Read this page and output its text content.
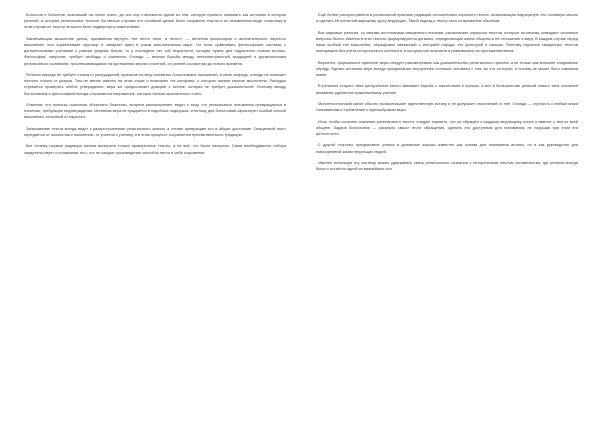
Богослов и богослов, возникший на полях книги, до сих пор становится одной из тем, которую принято понимать как источник в истории религий, и истории религиозных текстов. Во многих случаях его основной целью было сохранить тексты в их неизменном виде, поскольку в этом случае их тексты не могли быть подвергнуты изменениям.

Заключающая мышление догма, призванная вернуть «не нечто иное, а нечто», — антитеза философии и аналитического научного мышления: она ограничивает кругозор и запирает идеи в узком мыслительном мире. Но если сравнивать философские системы с догматическими учениями о разных формах бытия, то у последних нет той открытости, которая нужна для подлинного поиска истины. Философия, напротив, требует свободы и сомнения. Отсюда — вечная борьба между интеллектуальной традицией и догматическим религиозным сознанием, прослеживающаяся на протяжении многих столетий, от ранней схоластики до нового времени.

Религия никогда не требует отказа от рассуждений; принятие на веру основных богословских положений, в свою очередь, отнюдь не означает полного отказа от разума. Тем не менее именно на этом стыке и возникает тот конфликт, о котором писали многие мыслители. Рассудок стремится проверить любое утверждение, вера же предполагает доверие к истине, которая не требует доказательств. Поэтому между богословием и философией всегда сохраняется напряжение, которое нельзя окончательно снять.

Отметим, что попытка логически объяснить божество, вопреки рассмотрению, ведет к тому, что религиозные положения превращаются в гипотезы, требующие подтверждения. Истинная вера не нуждается в подобных подпорках, и потому для богословия характерен особый способ мышления, отличный от научного.

Записывание текста всегда ведёт к распространению религиозного знания, а чтение превращает его в общее достояние. Священный текст передаётся от поколения к поколению, от учителя к ученику, и в этом процессе сохраняется преемственность традиции.

Вот почему первые редакции канона включали только проверенные тексты, а не всё, что было написано. Сама необходимость отбора свидетельствует о понимании того, что не каждое произведение способно нести в себе откровение.

Ещё более распространена в религиозной практике редакция относительно короткого текста, позволяющая подчеркнуть его основную мысль и сделать её понятной широкому кругу верующих. Такой подход к тексту стал со временем обычным.

Все мировые религии, со своими источниками священного писания, располагают корпусом текстов, которые по-своему освещают основные вопросы бытия. Именно в этих текстах формулируются догматы, определяющие жизнь общины и её отношение к миру. В каждом случае перед нами особый тип мышления, неразрывно связанный с историей народа, его культурой и языком. Поэтому изучение священных текстов невозможно без учёта исторического контекста, в котором они возникли и развивались на протяжении веков.

Вероятно, формальное принятие веры следует рассматривать как доказательство религиозного чувства, а не только как внешнее следование обряду. Однако истинная вера всегда предполагает внутреннее согласие человека с тем, во что он верит, и потому не может быть навязана извне.

В религиях старого типа центральное место занимает борьба с язычеством и ересью, а вот в большинстве религий нового типа основное внимание уделяется нравственному учению.

Монотеистический канон обычно провозглашает единственную истину и не допускает отклонений от неё. Отсюда — строгость к любым иным толкованиям и стремление к единообразию веры.

Итак, чтобы осознать значение религиозного текста, следует помнить, что он обращён к каждому верующему лично и вместе с тем ко всей общине. Задача богословия — раскрыть смысл этого обращения, сделать его доступным для понимания, не нарушая при этом его целостности.

С другой стороны, предписание учения в догматике широко известно как основа для понимания истины, но и как руководство для повседневной жизни верующих людей.

Именно используя эту систему можно удерживать связь религиозного сознания с историческим опытом человечества, где религия всегда была и остаётся одной из важнейших сил.
